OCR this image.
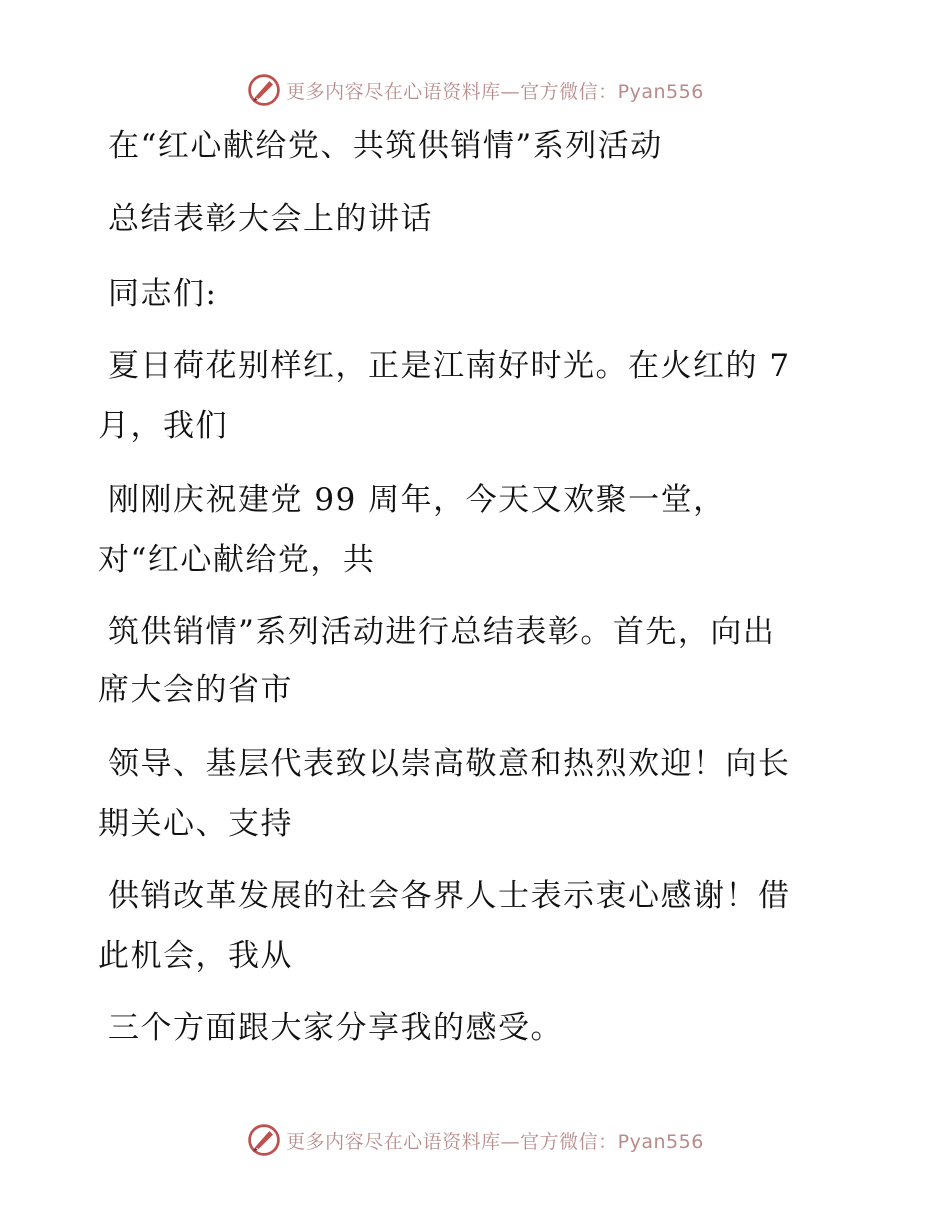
更多内容尽在心语资料库—官方微信：Pyan556
在“红心献给党、共筑供销情”系列活动
总结表彰大会上的讲话
同志们:
夏日荷花别样红，正是江南好时光。在火红的 7
月，我们
刚刚庆祝建党 99 周年，今天又欢聚一堂，
对“红心献给党，共
筑供销情”系列活动进行总结表彰。首先，向出
席大会的省市
领导、基层代表致以崇高敬意和热烈欢迎！向长
期关心、支持
供销改革发展的社会各界人士表示衷心感谢！借
此机会，我从
三个方面跟大家分享我的感受。
更多内容尽在心语资料库—官方微信：Pyan556
